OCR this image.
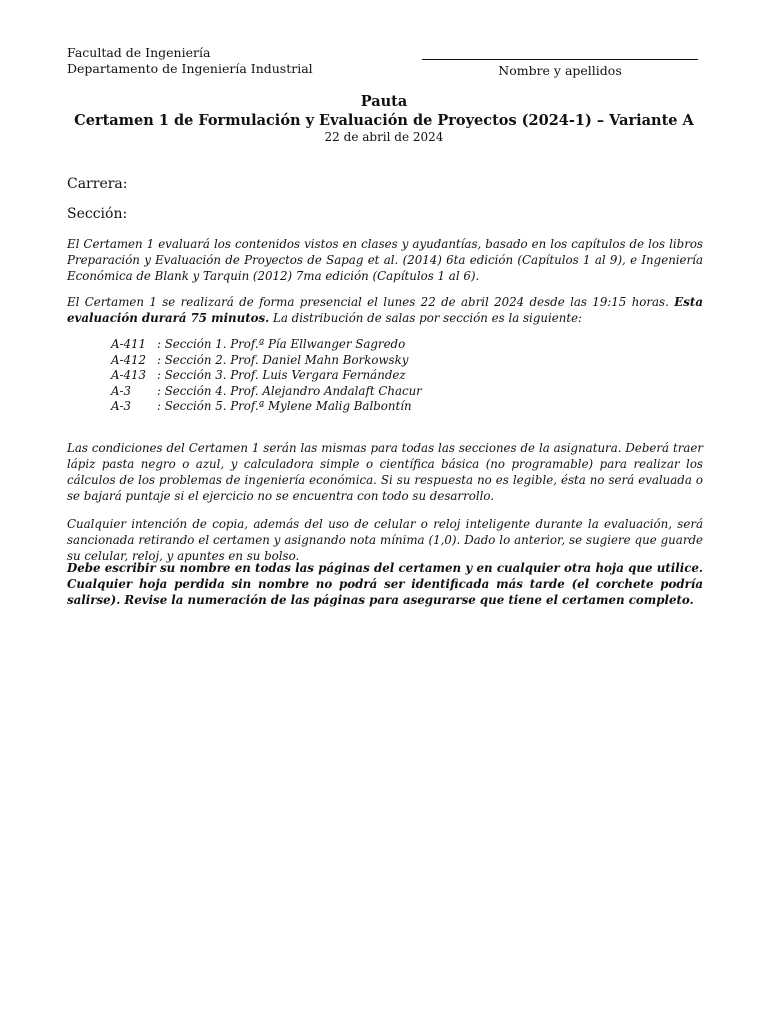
Facultad de Ingeniería
Departamento de Ingeniería Industrial	Nombre y apellidos
Pauta
Certamen 1 de Formulación y Evaluación de Proyectos (2024-1) – Variante A
22 de abril de 2024
Carrera:
Sección:
El Certamen 1 evaluará los contenidos vistos en clases y ayudantías, basado en los capítulos de los libros Preparación y Evaluación de Proyectos de Sapag et al. (2014) 6ta edición (Capítulos 1 al 9), e Ingeniería Económica de Blank y Tarquin (2012) 7ma edición (Capítulos 1 al 6).
El Certamen 1 se realizará de forma presencial el lunes 22 de abril 2024 desde las 19:15 horas. Esta evaluación durará 75 minutos. La distribución de salas por sección es la siguiente:
A-411 : Sección 1. Prof.ª Pía Ellwanger Sagredo
A-412 : Sección 2. Prof. Daniel Mahn Borkowsky
A-413 : Sección 3. Prof. Luis Vergara Fernández
A-3	: Sección 4. Prof. Alejandro Andalaft Chacur
A-3	: Sección 5. Prof.ª Mylene Malig Balbontín
Las condiciones del Certamen 1 serán las mismas para todas las secciones de la asignatura. Deberá traer lápiz pasta negro o azul, y calculadora simple o científica básica (no programable) para realizar los cálculos de los problemas de ingeniería económica. Si su respuesta no es legible, ésta no será evaluada o se bajará puntaje si el ejercicio no se encuentra con todo su desarrollo.
Cualquier intención de copia, además del uso de celular o reloj inteligente durante la evaluación, será sancionada retirando el certamen y asignando nota mínima (1,0). Dado lo anterior, se sugiere que guarde su celular, reloj, y apuntes en su bolso.
Debe escribir su nombre en todas las páginas del certamen y en cualquier otra hoja que utilice. Cualquier hoja perdida sin nombre no podrá ser identificada más tarde (el corchete podría salirse). Revise la numeración de las páginas para asegurarse que tiene el certamen completo.
